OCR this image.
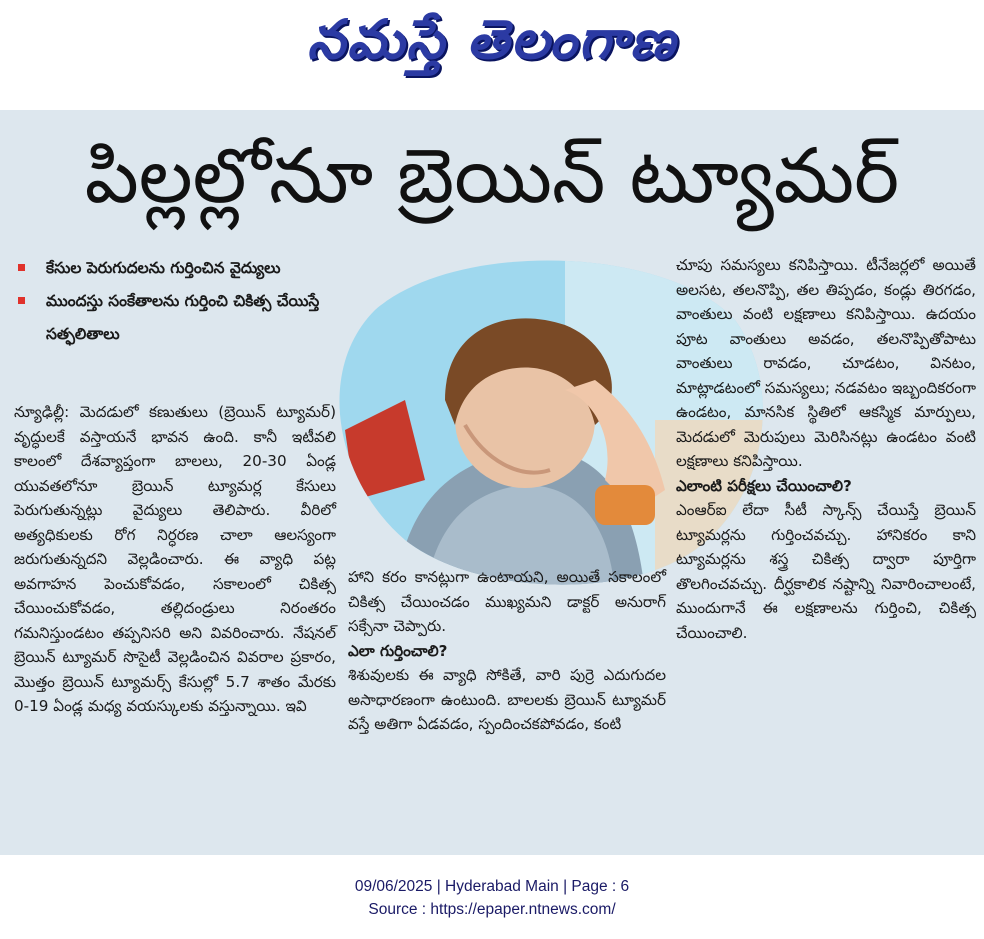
నమస్తే తెలంగాణ
పిల్లల్లోనూ బ్రెయిన్ ట్యూమర్
కేసుల పెరుగుదలను గుర్తించిన వైద్యులు
ముందస్తు సంకేతాలను గుర్తించి చికిత్స చేయిస్తే సత్ఫలితాలు
న్యూఢిల్లీ: మెదడులో కణుతులు (బ్రెయిన్ ట్యూమర్) వృద్ధులకే వస్తాయనే భావన ఉంది. కానీ ఇటీవలి కాలంలో దేశవ్యాప్తంగా బాలలు, 20-30 ఏండ్ల యువతలోనూ బ్రెయిన్ ట్యూమర్ల కేసులు పెరుగుతున్నట్లు వైద్యులు తెలిపారు. వీరిలో అత్యధికులకు రోగ నిర్ధరణ చాలా ఆలస్యంగా జరుగుతున్నదని వెల్లడించారు. ఈ వ్యాధి పట్ల అవగాహన పెంచుకోవడం, సకాలంలో చికిత్స చేయించుకోవడం, తల్లిదండ్రులు నిరంతరం గమనిస్తుండటం తప్పనిసరి అని వివరించారు. నేషనల్ బ్రెయిన్ ట్యూమర్ సొసైటీ వెల్లడించిన వివరాల ప్రకారం, మొత్తం బ్రెయిన్ ట్యూమర్స్ కేసుల్లో 5.7 శాతం మేరకు 0-19 ఏండ్ల మధ్య వయస్కులకు వస్తున్నాయి. ఇవి
హాని కరం కానట్లుగా ఉంటాయని, అయితే సకాలంలో చికిత్స చేయించడం ముఖ్యమని డాక్టర్ అనురాగ్ సక్సేనా చెప్పారు.
ఎలా గుర్తించాలి?
శిశువులకు ఈ వ్యాధి సోకితే, వారి పుర్రె ఎదుగుదల అసాధారణంగా ఉంటుంది. బాలలకు బ్రెయిన్ ట్యూమర్ వస్తే అతిగా ఏడవడం, స్పందించకపోవడం, కంటి
చూపు సమస్యలు కనిపిస్తాయి. టీనేజర్లలో అయితే అలసట, తలనొప్పి, తల తిప్పడం, కండ్లు తిరగడం, వాంతులు వంటి లక్షణాలు కనిపిస్తాయి. ఉదయం పూట వాంతులు అవడం, తలనొప్పితోపాటు వాంతులు రావడం, చూడటం, వినటం, మాట్లాడటంలో సమస్యలు; నడవటం ఇబ్బందికరంగా ఉండటం, మానసిక స్థితిలో ఆకస్మిక మార్పులు, మెదడులో మెరుపులు మెరిసినట్లు ఉండటం వంటి లక్షణాలు కనిపిస్తాయి.
ఎలాంటి పరీక్షలు చేయించాలి?
ఎంఆర్ఐ లేదా సీటీ స్కాన్స్ చేయిస్తే బ్రెయిన్ ట్యూమర్లను గుర్తించవచ్చు. హానికరం కాని ట్యూమర్లను శస్త్ర చికిత్స ద్వారా పూర్తిగా తొలగించవచ్చు. దీర్ఘకాలిక నష్టాన్ని నివారించాలంటే, ముందుగానే ఈ లక్షణాలను గుర్తించి, చికిత్స చేయించాలి.
09/06/2025 | Hyderabad Main | Page : 6
Source : https://epaper.ntnews.com/
